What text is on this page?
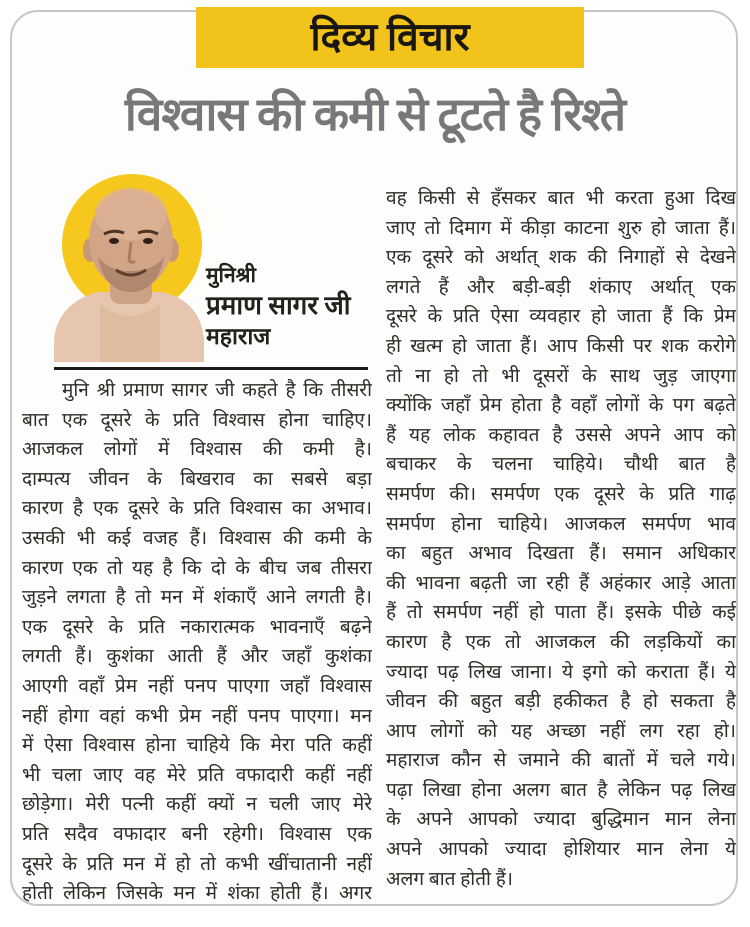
दिव्य विचार
विश्वास की कमी से टूटते है रिश्ते
मुनिश्री
प्रमाण सागर जी
महाराज
मुनि श्री प्रमाण सागर जी कहते है कि तीसरी
बात एक दूसरे के प्रति विश्वास होना चाहिए।
आजकल लोगों में विश्वास की कमी है।
दाम्पत्य जीवन के बिखराव का सबसे बड़ा
कारण है एक दूसरे के प्रति विश्वास का अभाव।
उसकी भी कई वजह हैं। विश्वास की कमी के
कारण एक तो यह है कि दो के बीच जब तीसरा
जुड़ने लगता है तो मन में शंकाएँ आने लगती है।
एक दूसरे के प्रति नकारात्मक भावनाएँ बढ़ने
लगती हैं। कुशंका आती हैं और जहाँ कुशंका
आएगी वहाँ प्रेम नहीं पनप पाएगा जहाँ विश्वास
नहीं होगा वहां कभी प्रेम नहीं पनप पाएगा। मन
में ऐसा विश्वास होना चाहिये कि मेरा पति कहीं
भी चला जाए वह मेरे प्रति वफादारी कहीं नहीं
छोड़ेगा। मेरी पत्नी कहीं क्यों न चली जाए मेरे
प्रति सदैव वफादार बनी रहेगी। विश्वास एक
दूसरे के प्रति मन में हो तो कभी खींचातानी नहीं
होती लेकिन जिसके मन में शंका होती हैं। अगर
वह किसी से हँसकर बात भी करता हुआ दिख
जाए तो दिमाग में कीड़ा काटना शुरु हो जाता हैं।
एक दूसरे को अर्थात् शक की निगाहों से देखने
लगते हैं और बड़ी-बड़ी शंकाए अर्थात् एक
दूसरे के प्रति ऐसा व्यवहार हो जाता हैं कि प्रेम
ही खत्म हो जाता हैं। आप किसी पर शक करोगे
तो ना हो तो भी दूसरों के साथ जुड़ जाएगा
क्योंकि जहाँ प्रेम होता है वहाँ लोगों के पग बढ़ते
हैं यह लोक कहावत है उससे अपने आप को
बचाकर के चलना चाहिये। चौथी बात है
समर्पण की। समर्पण एक दूसरे के प्रति गाढ़
समर्पण होना चाहिये। आजकल समर्पण भाव
का बहुत अभाव दिखता हैं। समान अधिकार
की भावना बढ़ती जा रही हैं अहंकार आड़े आता
हैं तो समर्पण नहीं हो पाता हैं। इसके पीछे कई
कारण है एक तो आजकल की लड़कियों का
ज्यादा पढ़ लिख जाना। ये इगो को कराता हैं। ये
जीवन की बहुत बड़ी हकीकत है हो सकता है
आप लोगों को यह अच्छा नहीं लग रहा हो।
महाराज कौन से जमाने की बातों में चले गये।
पढ़ा लिखा होना अलग बात है लेकिन पढ़ लिख
के अपने आपको ज्यादा बुद्धिमान मान लेना
अपने आपको ज्यादा होशियार मान लेना ये
अलग बात होती हैं।
